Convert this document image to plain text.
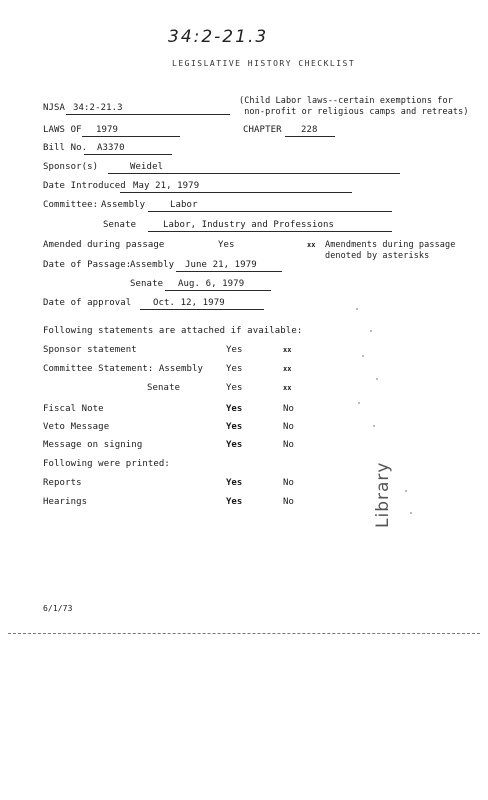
34:2-21.3
LEGISLATIVE HISTORY CHECKLIST
NJSA 34:2-21.3
(Child Labor laws--certain exemptions for
non-profit or religious camps and retreats)
LAWS OF 1979	CHAPTER 228
Bill No. A3370
Sponsor(s)	Weidel
Date Introduced May 21, 1979
Committee: Assembly	Labor
Senate	Labor, Industry and Professions
Amended during passage	Yes	xx Amendments during passage
denoted by asterisks
Date of Passage:
Assembly June 21, 1979
Senate Aug. 6, 1979
Date of approval Oct. 12, 1979
Following statements are attached if available:
Sponsor statement	Yes	xx
Committee Statement: Assembly	Yes	xx
Senate	Yes	xx
Fiscal Note	Yes	No
Veto Message	Yes	No
Message on signing	Yes	No
Following were printed:
Reports	Yes	No
Hearings	Yes	No	Library
6/1/73
